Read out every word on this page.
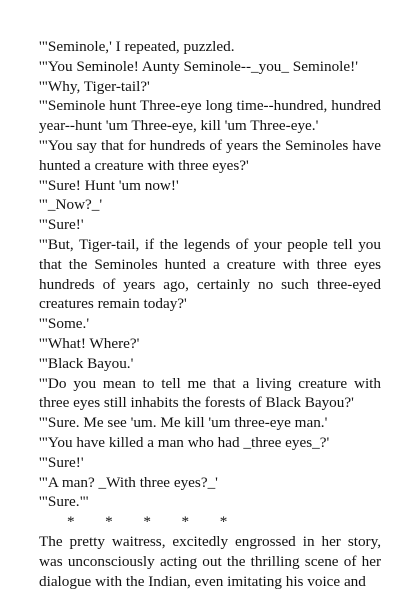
'"Seminole,' I repeated, puzzled.
'"You Seminole! Aunty Seminole--_you_ Seminole!'
'"Why, Tiger-tail?'
'"Seminole hunt Three-eye long time--hundred, hundred year--hunt 'um Three-eye, kill 'um Three-eye.'
'"You say that for hundreds of years the Seminoles have hunted a creature with three eyes?'
'"Sure! Hunt 'um now!'
'"_Now?_'
'"Sure!'
'"But, Tiger-tail, if the legends of your people tell you that the Seminoles hunted a creature with three eyes hundreds of years ago, certainly no such three-eyed creatures remain today?'
'"Some.'
'"What! Where?'
'"Black Bayou.'
'"Do you mean to tell me that a living creature with three eyes still inhabits the forests of Black Bayou?'
'"Sure. Me see 'um. Me kill 'um three-eye man.'
'"You have killed a man who had _three eyes_?'
'"Sure!'
'"A man? _With three eyes?_'
'"Sure."'
*       *       *       *       *
The pretty waitress, excitedly engrossed in her story, was unconsciously acting out the thrilling scene of her dialogue with the Indian, even imitating his voice and
